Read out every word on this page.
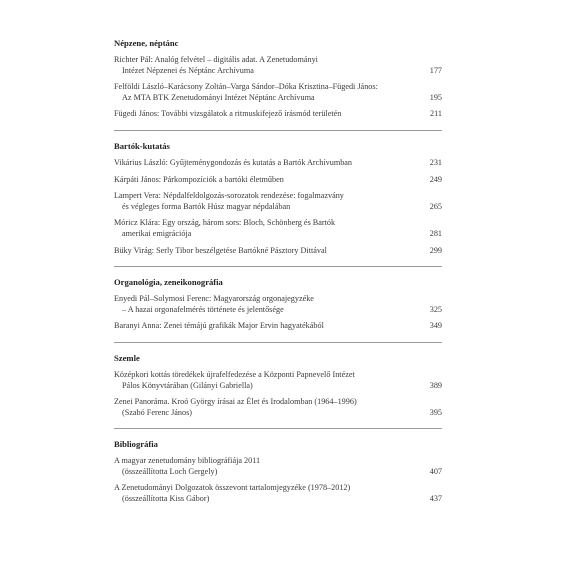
Népzene, néptánc
Richter Pál: Analóg felvétel – digitális adat. A Zenetudományi
Intézet Népzenei és Néptánc Archívuma	177
Felföldi László–Karácsony Zoltán–Varga Sándor–Dóka Krisztina–Fügedi János:
Az MTA BTK Zenetudományi Intézet Néptánc Archívuma	195
Fügedi János: További vizsgálatok a ritmuskifejező írásmód területén	211
Bartók-kutatás
Vikárius László: Gyűjteménygondozás és kutatás a Bartók Archívumban	231
Kárpáti János: Párkompozíciók a bartóki életműben	249
Lampert Vera: Népdalfeldolgozás-sorozatok rendezése: fogalmazvány
és végleges forma Bartók Húsz magyar népdalában	265
Móricz Klára: Egy ország, három sors: Bloch, Schönberg és Bartók
amerikai emigrációja	281
Büky Virág: Serly Tibor beszélgetése Bartókné Pásztory Dittával	299
Organológia, zeneikonográfia
Enyedi Pál–Solymosi Ferenc: Magyarország orgonajegyzéke
– A hazai orgonafelmérés története és jelentősége	325
Baranyi Anna: Zenei témájú grafikák Major Ervin hagyatékából	349
Szemle
Középkori kottás töredékek újrafelfedezése a Központi Papnevelő Intézet
Pálos Könyvtárában (Gilányi Gabriella)	389
Zenei Panoráma. Kroó György írásai az Élet és Irodalomban (1964–1996)
(Szabó Ferenc János)	395
Bibliográfia
A magyar zenetudomány bibliográfiája 2011
(összeállította Loch Gergely)	407
A Zenetudományi Dolgozatok összevont tartalomjegyzéke (1978–2012)
(összeállította Kiss Gábor)	437
